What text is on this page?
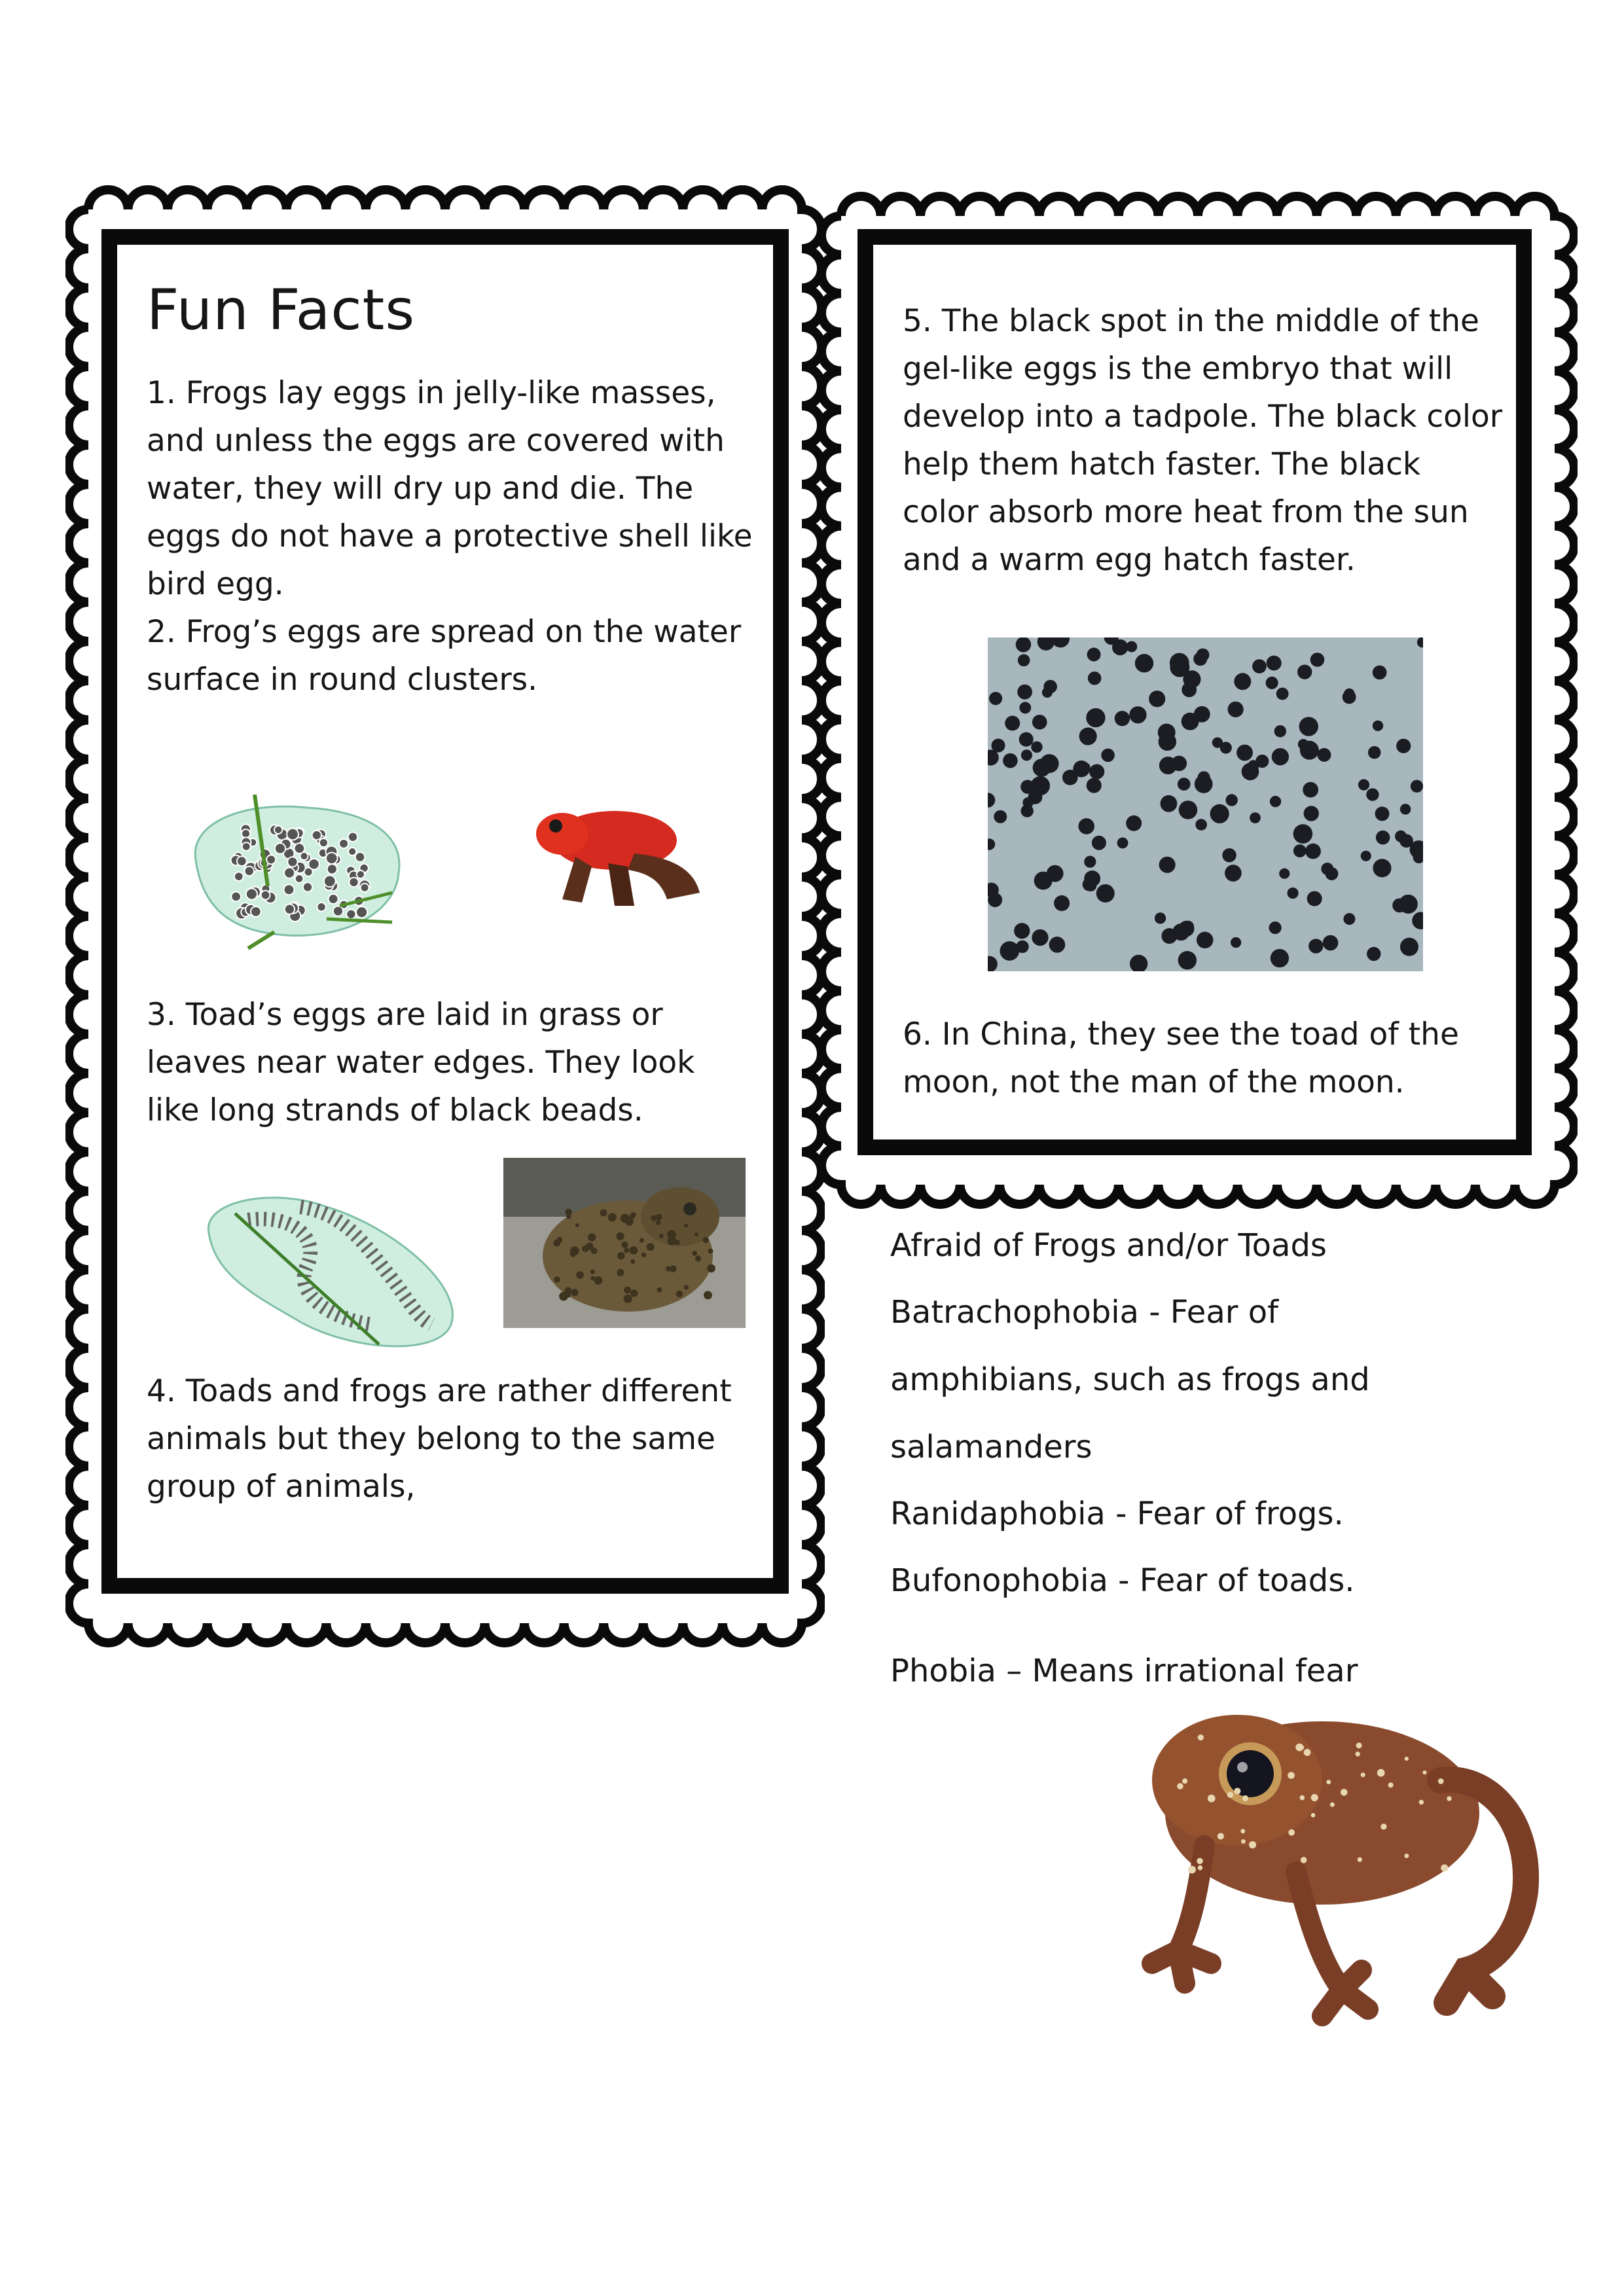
Fun Facts

1. Frogs lay eggs in jelly-like masses, and unless the eggs are covered with water, they will dry up and die. The eggs do not have a protective shell like bird egg.

2. Frog’s eggs are spread on the water surface in round clusters.

3. Toad’s eggs are laid in grass or leaves near water edges. They look like long strands of black beads.

4. Toads and frogs are rather different animals but they belong to the same group of animals,

5. The black spot in the middle of the gel-like eggs is the embryo that will develop into a tadpole. The black color help them hatch faster. The black color absorb more heat from the sun and a warm egg hatch faster.

6. In China, they see the toad of the moon, not the man of the moon.

Afraid of Frogs and/or Toads
Batrachophobia - Fear of
amphibians, such as frogs and
salamanders
Ranidaphobia - Fear of frogs.
Bufonophobia - Fear of toads.
Phobia – Means irrational fear
